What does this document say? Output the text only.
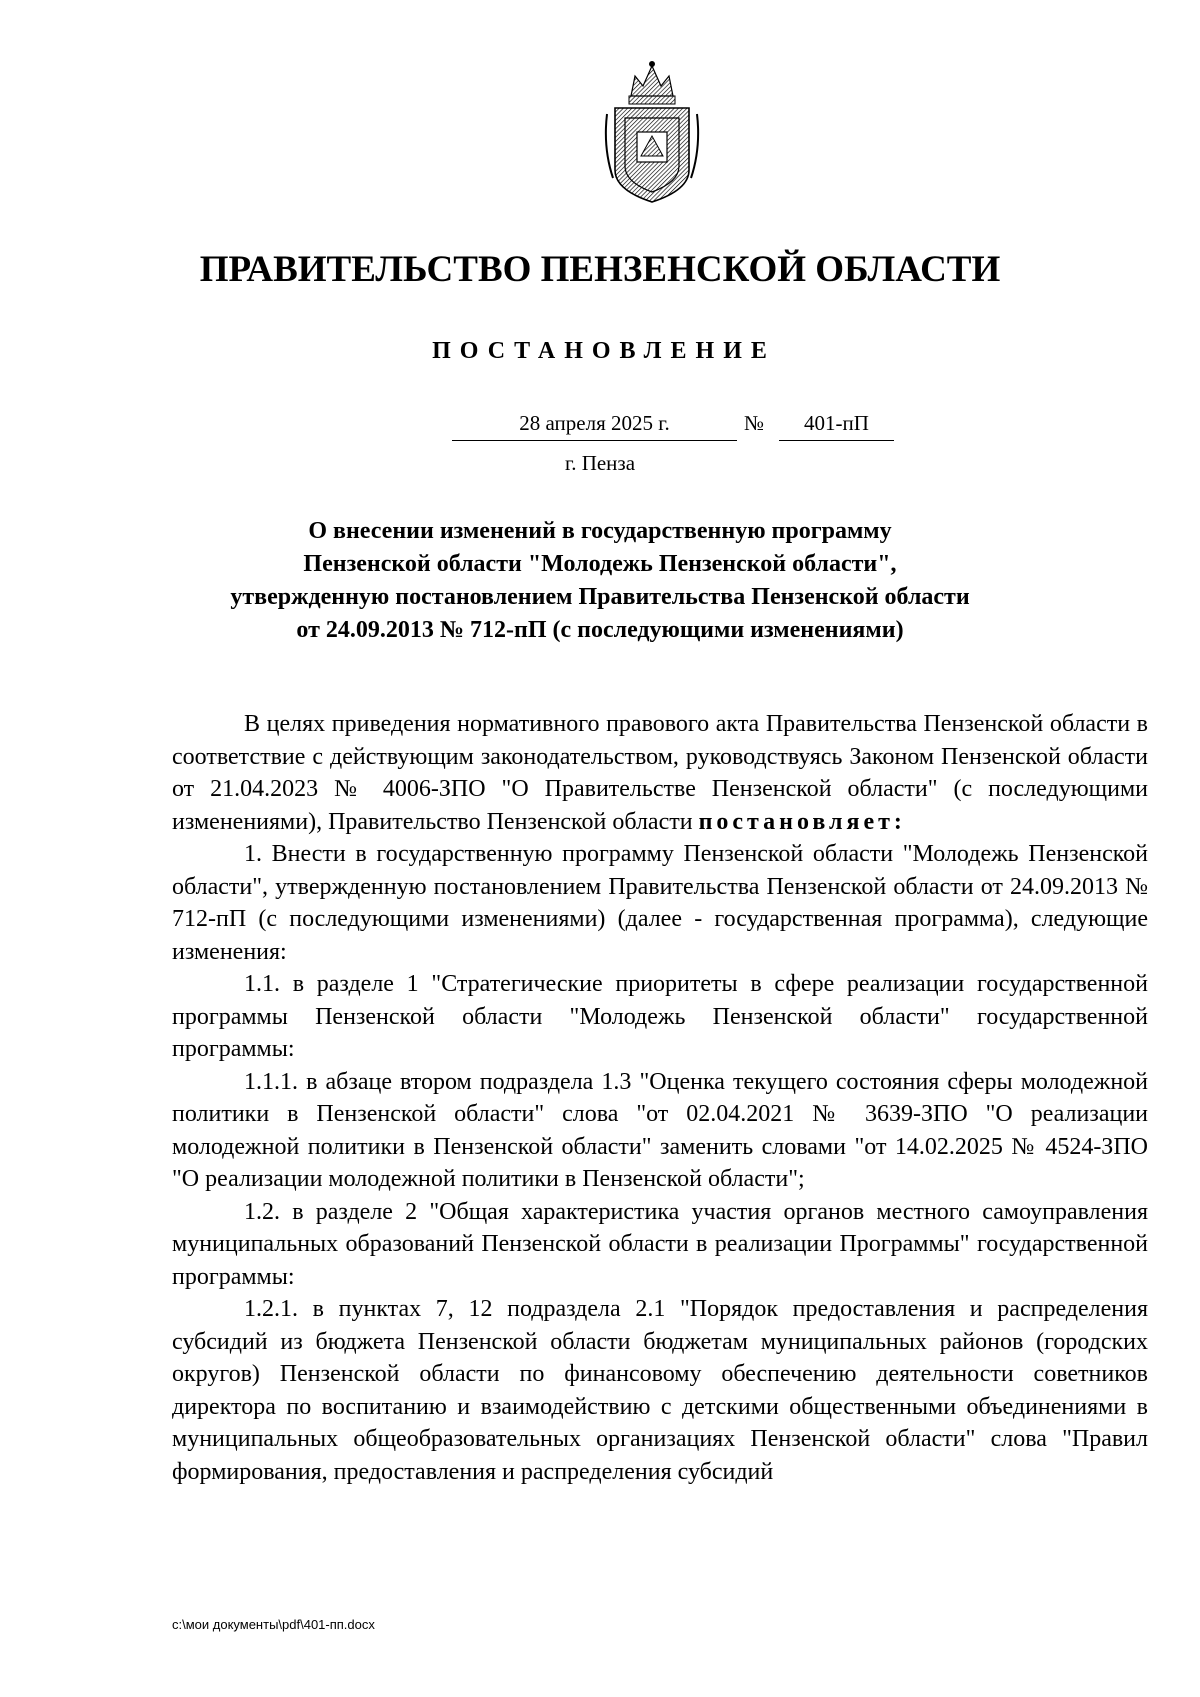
ПРАВИТЕЛЬСТВО ПЕНЗЕНСКОЙ ОБЛАСТИ
ПОСТАНОВЛЕНИЕ
28 апреля 2025 г.	№	401-пП
г. Пенза
О внесении изменений в государственную программу
Пензенской области "Молодежь Пензенской области",
утвержденную постановлением Правительства Пензенской области
от 24.09.2013 № 712-пП (с последующими изменениями)

В целях приведения нормативного правового акта Правительства Пензенской области в соответствие с действующим законодательством, руководствуясь Законом Пензенской области от 21.04.2023 № 4006-ЗПО "О Правительстве Пензенской области" (с последующими изменениями), Правительство Пензенской области постановляет:

1. Внести в государственную программу Пензенской области "Молодежь Пензенской области", утвержденную постановлением Правительства Пензенской области от 24.09.2013 № 712-пП (с последующими изменениями) (далее - государственная программа), следующие изменения:

1.1. в разделе 1 "Стратегические приоритеты в сфере реализации государственной программы Пензенской области "Молодежь Пензенской области" государственной программы:

1.1.1. в абзаце втором подраздела 1.3 "Оценка текущего состояния сферы молодежной политики в Пензенской области" слова "от 02.04.2021 № 3639-ЗПО "О реализации молодежной политики в Пензенской области" заменить словами "от 14.02.2025 № 4524-ЗПО "О реализации молодежной политики в Пензенской области";

1.2. в разделе 2 "Общая характеристика участия органов местного самоуправления муниципальных образований Пензенской области в реализации Программы" государственной программы:

1.2.1. в пунктах 7, 12 подраздела 2.1 "Порядок предоставления и распределения субсидий из бюджета Пензенской области бюджетам муниципальных районов (городских округов) Пензенской области по финансовому обеспечению деятельности советников директора по воспитанию и взаимодействию с детскими общественными объединениями в муниципальных общеобразовательных организациях Пензенской области" слова "Правил формирования, предоставления и распределения субсидий

c:\мои документы\pdf\401-пп.docx
